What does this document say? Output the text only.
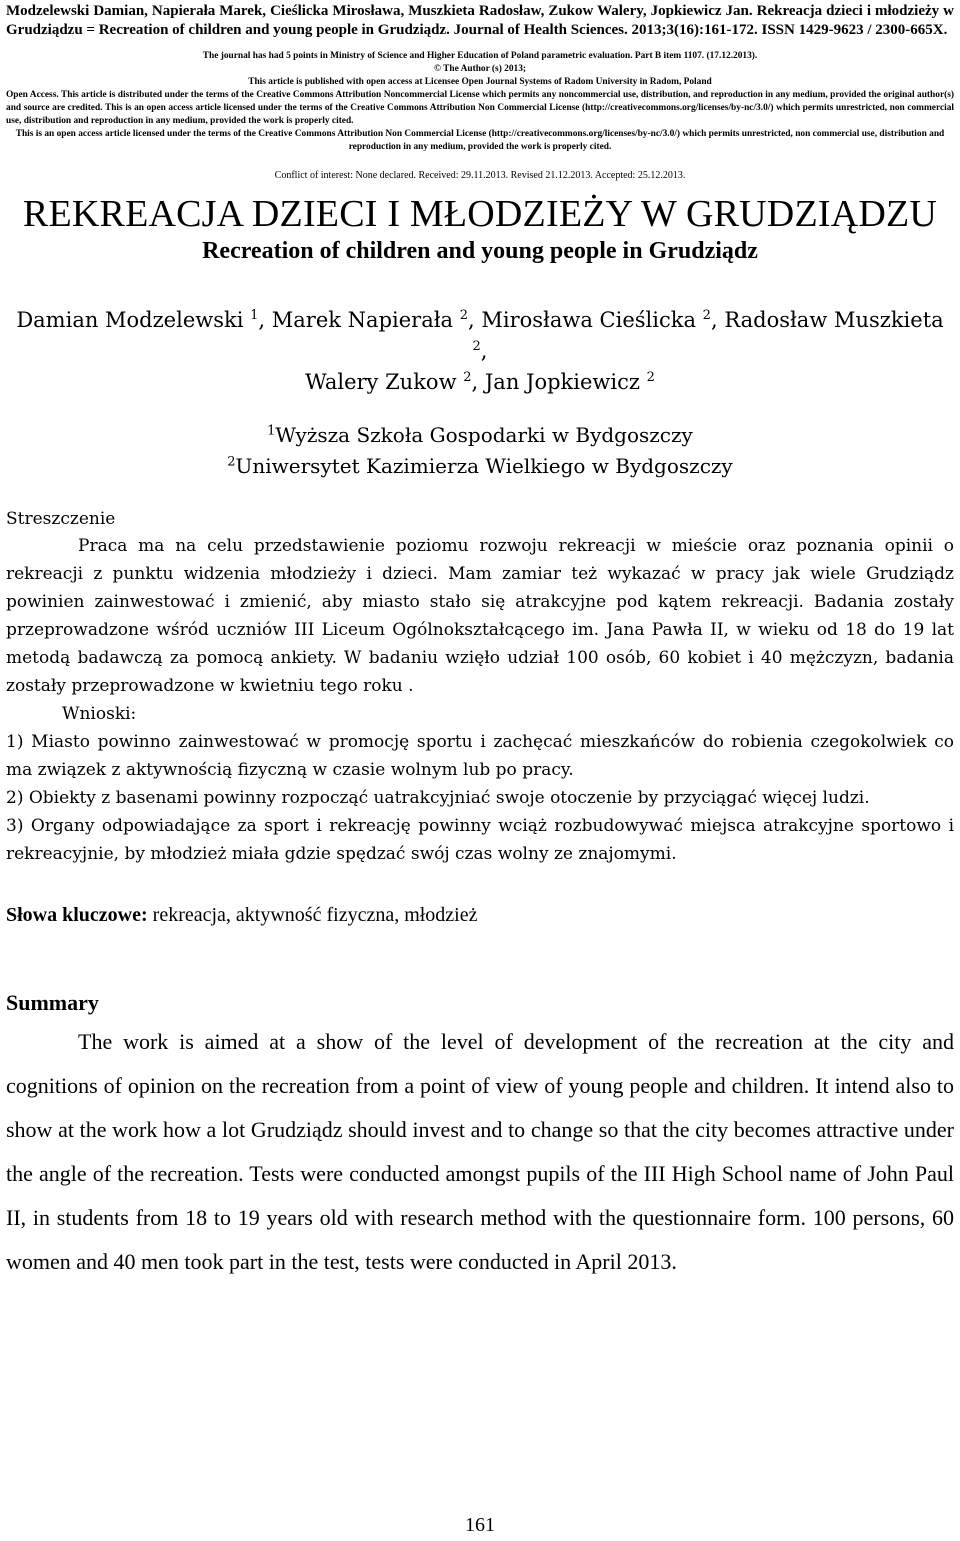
Modzelewski Damian, Napierała Marek, Cieślicka Mirosława, Muszkieta Radosław, Zukow Walery, Jopkiewicz Jan. Rekreacja dzieci i młodzieży w Grudziądzu = Recreation of children and young people in Grudziądz. Journal of Health Sciences. 2013;3(16):161-172. ISSN 1429-9623 / 2300-665X.
The journal has had 5 points in Ministry of Science and Higher Education of Poland parametric evaluation. Part B item 1107. (17.12.2013).
© The Author (s) 2013;
This article is published with open access at Licensee Open Journal Systems of Radom University in Radom, Poland
Open Access. This article is distributed under the terms of the Creative Commons Attribution Noncommercial License which permits any noncommercial use, distribution, and reproduction in any medium, provided the original author(s) and source are credited. This is an open access article licensed under the terms of the Creative Commons Attribution Non Commercial License (http://creativecommons.org/licenses/by-nc/3.0/) which permits unrestricted, non commercial use, distribution and reproduction in any medium, provided the work is properly cited.
This is an open access article licensed under the terms of the Creative Commons Attribution Non Commercial License (http://creativecommons.org/licenses/by-nc/3.0/) which permits unrestricted, non commercial use, distribution and reproduction in any medium, provided the work is properly cited.
Conflict of interest: None declared. Received: 29.11.2013. Revised 21.12.2013. Accepted: 25.12.2013.
REKREACJA DZIECI I MŁODZIEŻY W GRUDZIĄDZU
Recreation of children and young people in Grudziądz
Damian Modzelewski $^1$, Marek Napierała $^2$, Mirosława Cieślicka $^2$, Radosław Muszkieta $^2$,
Walery Zukow $^2$, Jan Jopkiewicz $^2$
$^1$Wyższa Szkoła Gospodarki w Bydgoszczy
$^2$Uniwersytet Kazimierza Wielkiego w Bydgoszczy
Streszczenie

Praca ma na celu przedstawienie poziomu rozwoju rekreacji w mieście oraz poznania opinii o rekreacji z punktu widzenia młodzieży i dzieci. Mam zamiar też wykazać w pracy jak wiele Grudziądz powinien zainwestować i zmienić, aby miasto stało się atrakcyjne pod kątem rekreacji. Badania zostały przeprowadzone wśród uczniów III Liceum Ogólnokształcącego im. Jana Pawła II, w wieku od 18 do 19 lat metodą badawczą za pomocą ankiety. W badaniu wzięło udział 100 osób, 60 kobiet i 40 mężczyzn, badania zostały przeprowadzone w kwietniu tego roku .

Wnioski:

1) Miasto powinno zainwestować w promocję sportu i zachęcać mieszkańców do robienia czegokolwiek co ma związek z aktywnością fizyczną w czasie wolnym lub po pracy.

2) Obiekty z basenami powinny rozpocząć uatrakcyjniać swoje otoczenie by przyciągać więcej ludzi.

3) Organy odpowiadające za sport i rekreację powinny wciąż rozbudowywać miejsca atrakcyjne sportowo i rekreacyjnie, by młodzież miała gdzie spędzać swój czas wolny ze znajomymi.

Słowa kluczowe: rekreacja, aktywność fizyczna, młodzież
Summary

The work is aimed at a show of the level of development of the recreation at the city and cognitions of opinion on the recreation from a point of view of young people and children. It intend also to show at the work how a lot Grudziądz should invest and to change so that the city becomes attractive under the angle of the recreation. Tests were conducted amongst pupils of the III High School name of John Paul II, in students from 18 to 19 years old with research method with the questionnaire form. 100 persons, 60 women and 40 men took part in the test, tests were conducted in April 2013.

161
